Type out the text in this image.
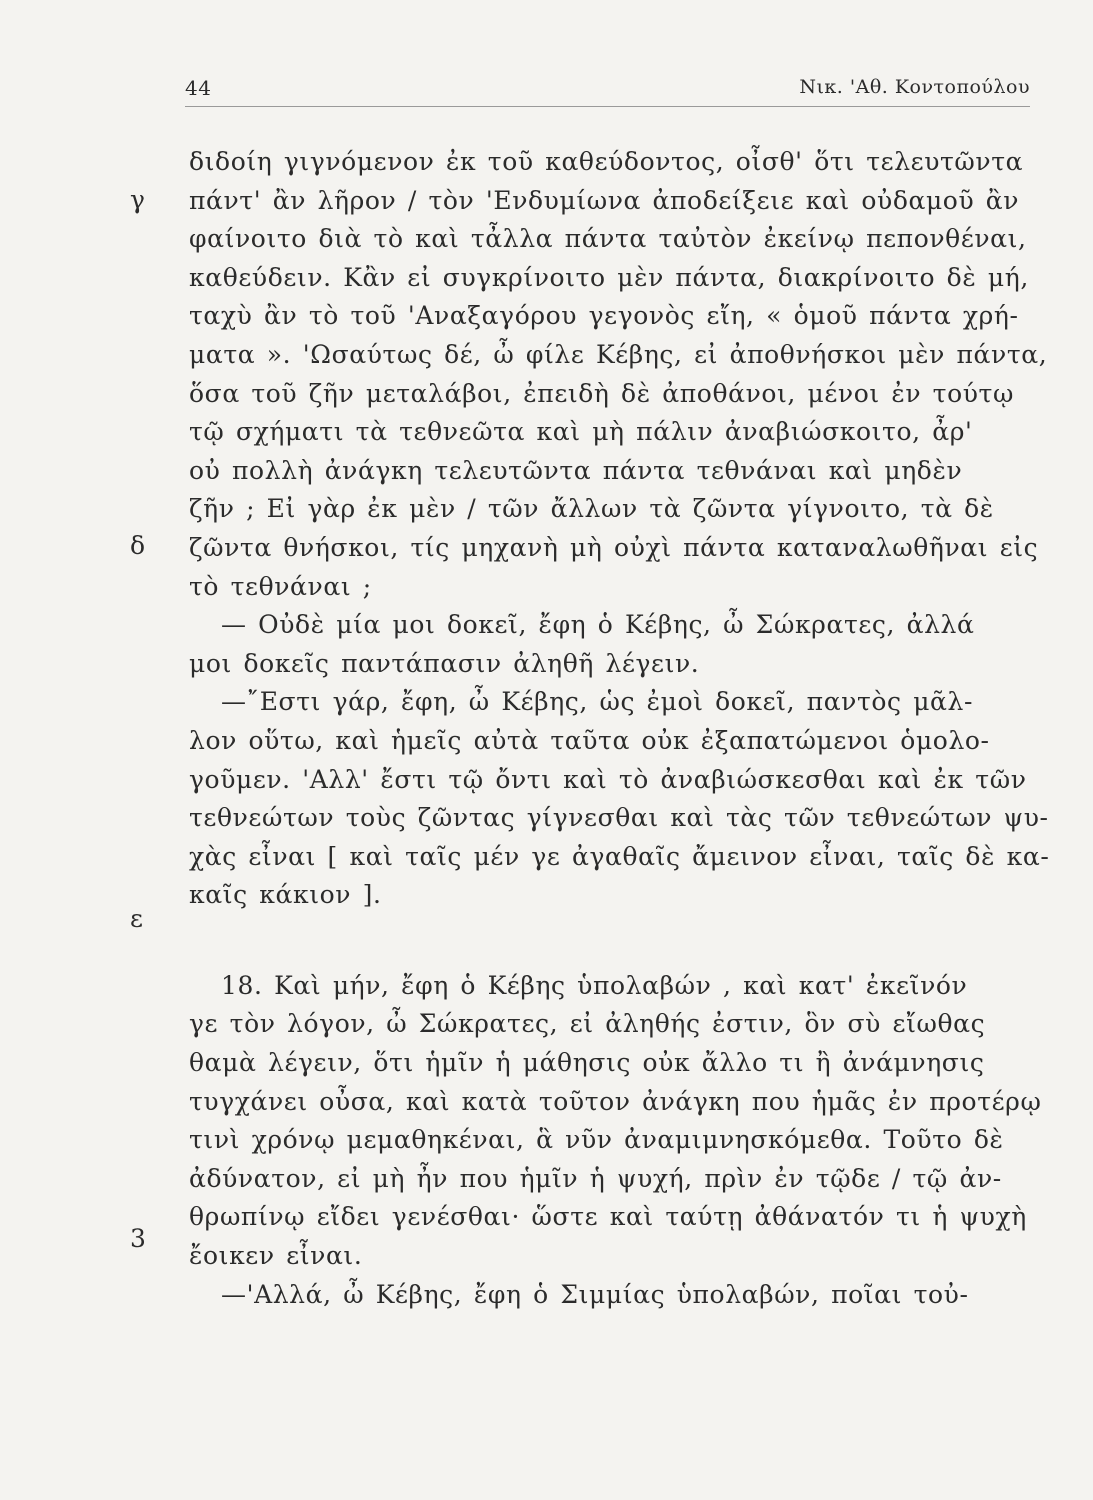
44	Νικ. 'Αθ. Κοντοπούλου
γ
δ
ε
3
διδοίη γιγνόμενον ἐκ τοῦ καθεύδοντος, οἶσθ' ὅτι τελευτῶντα
πάντ' ἂν λῆρον / τὸν 'Ενδυμίωνα ἀποδείξειε καὶ οὐδαμοῦ ἂν
φαίνοιτο διὰ τὸ καὶ τἆλλα πάντα ταὐτὸν ἐκείνῳ πεπονθέναι,
καθεύδειν. Κἂν εἰ συγκρίνοιτο μὲν πάντα, διακρίνοιτο δὲ μή,
ταχὺ ἂν τὸ τοῦ 'Αναξαγόρου γεγονὸς εἴη, « ὁμοῦ πάντα χρή-
ματα ». 'Ωσαύτως δέ, ὦ φίλε Κέβης, εἰ ἀποθνήσκοι μὲν πάντα,
ὅσα τοῦ ζῆν μεταλάβοι, ἐπειδὴ δὲ ἀποθάνοι, μένοι ἐν τούτῳ
τῷ σχήματι τὰ τεθνεῶτα καὶ μὴ πάλιν ἀναβιώσκοιτο, ἆρ'
οὐ πολλὴ ἀνάγκη τελευτῶντα πάντα τεθνάναι καὶ μηδὲν
ζῆν ; Εἰ γὰρ ἐκ μὲν / τῶν ἄλλων τὰ ζῶντα γίγνοιτο, τὰ δὲ
ζῶντα θνήσκοι, τίς μηχανὴ μὴ οὐχὶ πάντα καταναλωθῆναι εἰς
τὸ τεθνάναι ;
— Οὐδὲ μία μοι δοκεῖ, ἔφη ὁ Κέβης, ὦ Σώκρατες, ἀλλά
μοι δοκεῖς παντάπασιν ἀληθῆ λέγειν.
—῎Εστι γάρ, ἔφη, ὦ Κέβης, ὡς ἐμοὶ δοκεῖ, παντὸς μᾶλ-
λον οὕτω, καὶ ἡμεῖς αὐτὰ ταῦτα οὐκ ἐξαπατώμενοι ὁμολο-
γοῦμεν. 'Αλλ' ἔστι τῷ ὄντι καὶ τὸ ἀναβιώσκεσθαι καὶ ἐκ τῶν
τεθνεώτων τοὺς ζῶντας γίγνεσθαι καὶ τὰς τῶν τεθνεώτων ψυ-
χὰς εἶναι [ καὶ ταῖς μέν γε ἀγαθαῖς ἄμεινον εἶναι, ταῖς δὲ κα-
καῖς κάκιον ].
18. Καὶ μήν, ἔφη ὁ Κέβης ὑπολαβών , καὶ κατ' ἐκεῖνόν
γε τὸν λόγον, ὦ Σώκρατες, εἰ ἀληθής ἐστιν, ὃν σὺ εἴωθας
θαμὰ λέγειν, ὅτι ἡμῖν ἡ μάθησις οὐκ ἄλλο τι ἢ ἀνάμνησις
τυγχάνει οὖσα, καὶ κατὰ τοῦτον ἀνάγκη που ἡμᾶς ἐν προτέρῳ
τινὶ χρόνῳ μεμαθηκέναι, ἃ νῦν ἀναμιμνησκόμεθα. Τοῦτο δὲ
ἀδύνατον, εἰ μὴ ἦν που ἡμῖν ἡ ψυχή, πρὶν ἐν τῷδε / τῷ ἀν-
θρωπίνῳ εἴδει γενέσθαι· ὥστε καὶ ταύτῃ ἀθάνατόν τι ἡ ψυχὴ
ἔοικεν εἶναι.
—'Αλλά, ὦ Κέβης, ἔφη ὁ Σιμμίας ὑπολαβών, ποῖαι τοὐ-
